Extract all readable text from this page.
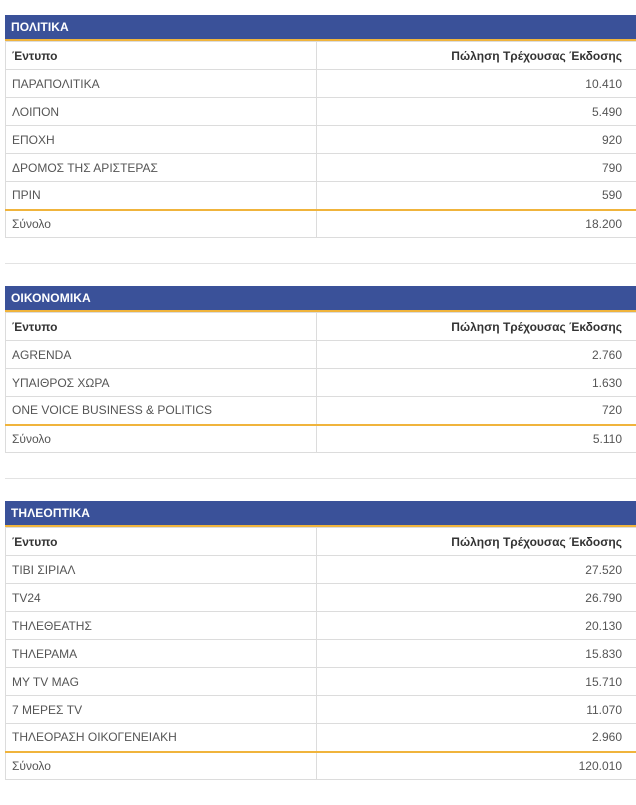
ΠΟΛΙΤΙΚΑ
Έντυπο	Πώληση Τρέχουσας Έκδοσης
ΠΑΡΑΠΟΛΙΤΙΚΑ	10.410
ΛΟΙΠΟΝ	5.490
ΕΠΟΧΗ	920
ΔΡΟΜΟΣ ΤΗΣ ΑΡΙΣΤΕΡΑΣ	790
ΠΡΙΝ	590
Σύνολο	18.200
ΟΙΚΟΝΟΜΙΚΑ
Έντυπο	Πώληση Τρέχουσας Έκδοσης
AGRENDA	2.760
ΥΠΑΙΘΡΟΣ ΧΩΡΑ	1.630
ONE VOICE BUSINESS & POLITICS	720
Σύνολο	5.110
ΤΗΛΕΟΠΤΙΚΑ
Έντυπο	Πώληση Τρέχουσας Έκδοσης
ΤΙΒΙ ΣΙΡΙΑΛ	27.520
TV24	26.790
ΤΗΛΕΘΕΑΤΗΣ	20.130
ΤΗΛΕΡΑΜΑ	15.830
MY TV MAG	15.710
7 ΜΕΡΕΣ TV	11.070
ΤΗΛΕΟΡΑΣΗ ΟΙΚΟΓΕΝΕΙΑΚΗ	2.960
Σύνολο	120.010
